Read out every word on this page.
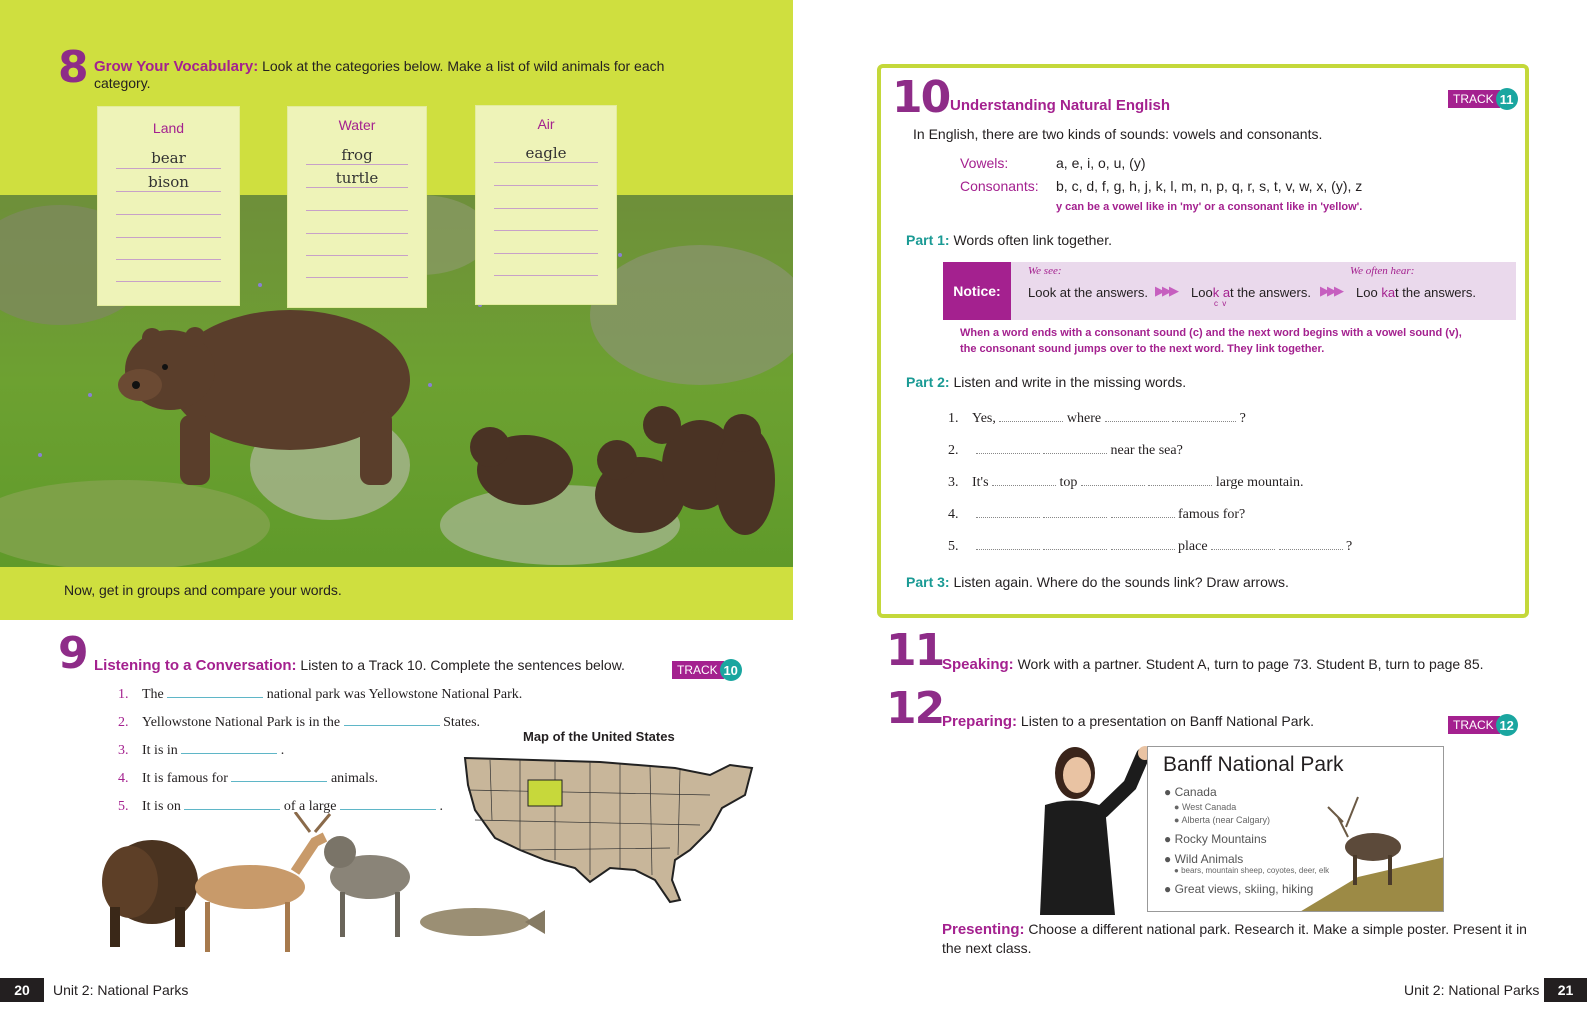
8 Grow Your Vocabulary: Look at the categories below. Make a list of wild animals for each
category.
Land
bear
bison
Water
frog
turtle
Air
eagle
Now, get in groups and compare your words.
9 Listening to a Conversation: Listen to a Track 10. Complete the sentences below.	TRACK 10
1. The	national park was Yellowstone National Park.
2. Yellowstone National Park is in the	States.
3. It is in	.
4. It is famous for	animals.
5. It is on	of a large	.
Map of the United States
20	Unit 2: National Parks
10 Understanding Natural English	TRACK 11
In English, there are two kinds of sounds: vowels and consonants.
Vowels:	a, e, i, o, u, (y)
Consonants: b, c, d, f, g, h, j, k, l, m, n, p, q, r, s, t, v, w, x, (y), z
y can be a vowel like in 'my' or a consonant like in 'yellow'.
Part 1: Words often link together.
Notice:
We see:	We often hear:
Look at the answers. ▶▶▶ Look at the answers.
c v
▶▶▶ Loo kat the answers.
When a word ends with a consonant sound (c) and the next word begins with a vowel sound (v),
the consonant sound jumps over to the next word. They link together.
Part 2: Listen and write in the missing words.
1. Yes,	where	?
2.	near the sea?
3. It's	top	large mountain.
4.	famous for?
5.	place	?
Part 3: Listen again. Where do the sounds link? Draw arrows.
11
Speaking: Work with a partner. Student A, turn to page 73. Student B, turn to page 85.
12
Preparing: Listen to a presentation on Banff National Park.	TRACK 12
Banff National Park
● Canada
● West Canada
● Alberta (near Calgary)
● Rocky Mountains
● Wild Animals
● bears, mountain sheep, coyotes, deer, elk
● Great views, skiing, hiking
Presenting: Choose a different national park. Research it. Make a simple poster. Present it in
the next class.
Unit 2: National Parks	21
